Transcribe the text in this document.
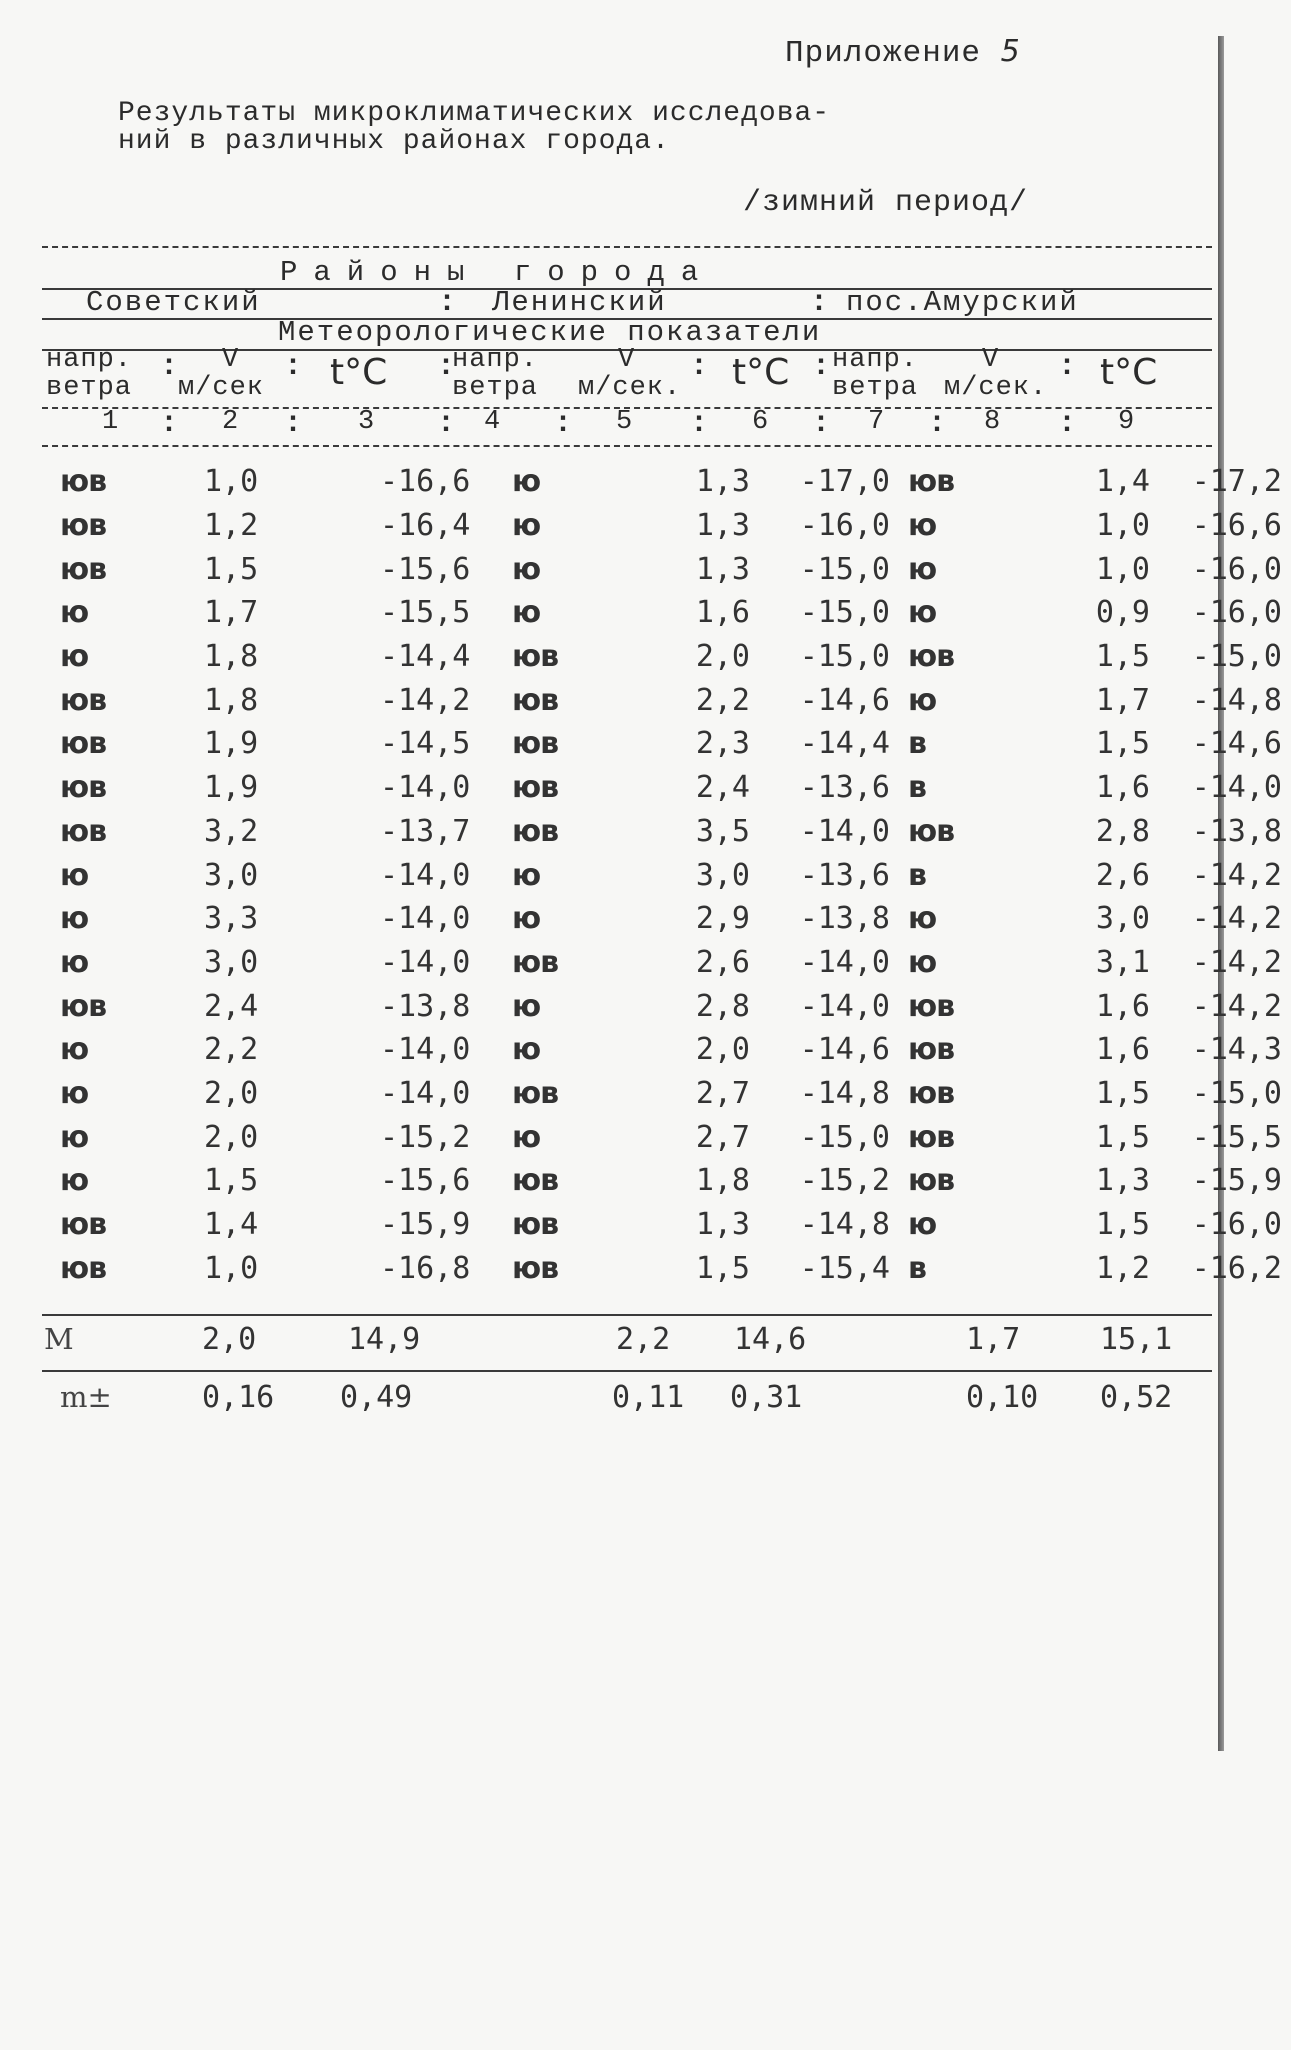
Приложение 5
Результаты микроклиматических исследова-
ний в различных районах города.
/зимний период/
Районы города
Советский	: Ленинский	: пос.Амурский
Метеорологические показатели
напр.
ветра
V
м/сек t°C напр.
ветра
V
м/сек. t°C напр.
ветра
V
м/сек. t°C
:	:	:	:	:	:
1	2	3	4	5	6	7	8	9
:	:	:	:	:	:	:	:
юв	1,0	-16,6	ю	1,3	-17,0	юв	1,4	-17,2
юв	1,2	-16,4	ю	1,3	-16,0	ю	1,0	-16,6
юв	1,5	-15,6	ю	1,3	-15,0	ю	1,0	-16,0
ю	1,7	-15,5	ю	1,6	-15,0	ю	0,9	-16,0
ю	1,8	-14,4	юв	2,0	-15,0	юв	1,5	-15,0
юв	1,8	-14,2	юв	2,2	-14,6	ю	1,7	-14,8
юв	1,9	-14,5	юв	2,3	-14,4	в	1,5	-14,6
юв	1,9	-14,0	юв	2,4	-13,6	в	1,6	-14,0
юв	3,2	-13,7	юв	3,5	-14,0	юв	2,8	-13,8
ю	3,0	-14,0	ю	3,0	-13,6	в	2,6	-14,2
ю	3,3	-14,0	ю	2,9	-13,8	ю	3,0	-14,2
ю	3,0	-14,0	юв	2,6	-14,0	ю	3,1	-14,2
юв	2,4	-13,8	ю	2,8	-14,0	юв	1,6	-14,2
ю	2,2	-14,0	ю	2,0	-14,6	юв	1,6	-14,3
ю	2,0	-14,0	юв	2,7	-14,8	юв	1,5	-15,0
ю	2,0	-15,2	ю	2,7	-15,0	юв	1,5	-15,5
ю	1,5	-15,6	юв	1,8	-15,2	юв	1,3	-15,9
юв	1,4	-15,9	юв	1,3	-14,8	ю	1,5	-16,0
юв	1,0	-16,8	юв	1,5	-15,4	в	1,2	-16,2
М	2,0	14,9	2,2 14,6	1,7	15,1
m±	0,16 0,49	0,11 0,31	0,10 0,52
